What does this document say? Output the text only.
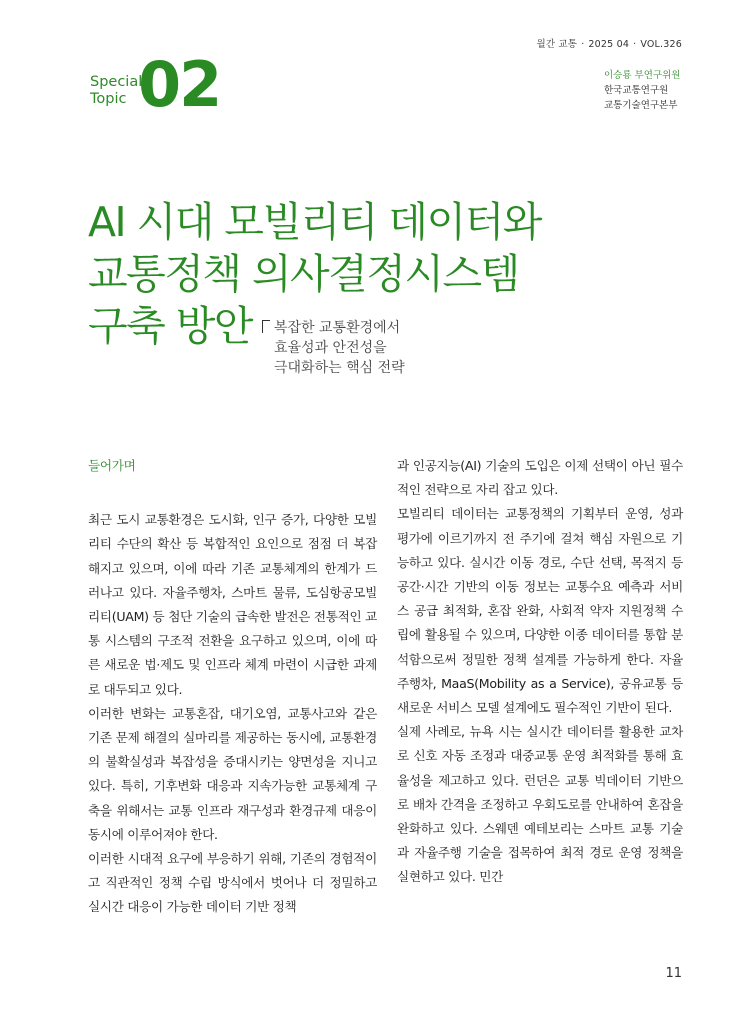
월간 교통 · 2025 04 · VOL.326
Special
Topic 02	이승룡 부연구위원
한국교통연구원
교통기술연구본부
AI 시대 모빌리티 데이터와
교통정책 의사결정시스템
구축 방안	복잡한 교통환경에서
효율성과 안전성을
극대화하는 핵심 전략

들어가며

최근 도시 교통환경은 도시화, 인구 증가, 다양한 모빌리티 수단의 확산 등 복합적인 요인으로 점점 더 복잡해지고 있으며, 이에 따라 기존 교통체계의 한계가 드러나고 있다. 자율주행차, 스마트 물류, 도심항공모빌리티(UAM) 등 첨단 기술의 급속한 발전은 전통적인 교통 시스템의 구조적 전환을 요구하고 있으며, 이에 따른 새로운 법·제도 및 인프라 체계 마련이 시급한 과제로 대두되고 있다.

이러한 변화는 교통혼잡, 대기오염, 교통사고와 같은 기존 문제 해결의 실마리를 제공하는 동시에, 교통환경의 불확실성과 복잡성을 증대시키는 양면성을 지니고 있다. 특히, 기후변화 대응과 지속가능한 교통체계 구축을 위해서는 교통 인프라 재구성과 환경규제 대응이 동시에 이루어져야 한다.

이러한 시대적 요구에 부응하기 위해, 기존의 경험적이고 직관적인 정책 수립 방식에서 벗어나 더 정밀하고 실시간 대응이 가능한 데이터 기반 정책

과 인공지능(AI) 기술의 도입은 이제 선택이 아닌 필수적인 전략으로 자리 잡고 있다.

모빌리티 데이터는 교통정책의 기획부터 운영, 성과 평가에 이르기까지 전 주기에 걸쳐 핵심 자원으로 기능하고 있다. 실시간 이동 경로, 수단 선택, 목적지 등 공간·시간 기반의 이동 정보는 교통수요 예측과 서비스 공급 최적화, 혼잡 완화, 사회적 약자 지원정책 수립에 활용될 수 있으며, 다양한 이종 데이터를 통합 분석함으로써 정밀한 정책 설계를 가능하게 한다. 자율주행차, MaaS(Mobility as a Service), 공유교통 등 새로운 서비스 모델 설계에도 필수적인 기반이 된다.

실제 사례로, 뉴욕 시는 실시간 데이터를 활용한 교차로 신호 자동 조정과 대중교통 운영 최적화를 통해 효율성을 제고하고 있다. 런던은 교통 빅데이터 기반으로 배차 간격을 조정하고 우회도로를 안내하여 혼잡을 완화하고 있다. 스웨덴 예테보리는 스마트 교통 기술과 자율주행 기술을 접목하여 최적 경로 운영 정책을 실현하고 있다. 민간

11
